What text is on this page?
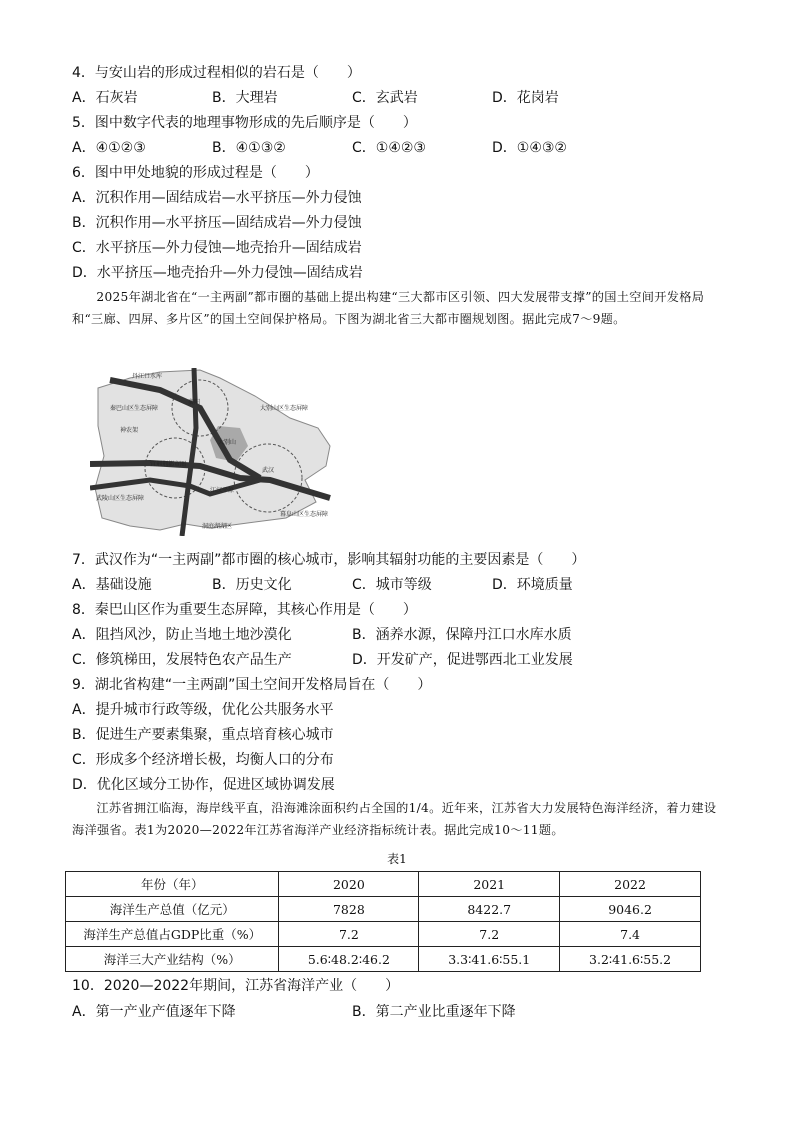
4．与安山岩的形成过程相似的岩石是（　　）
A．石灰岩	B．大理岩	C．玄武岩	D．花岗岩
5．图中数字代表的地理事物形成的先后顺序是（　　）
A．④①②③	B．④①③②	C．①④②③	D．①④③②
6．图中甲处地貌的形成过程是（　　）
A．沉积作用—固结成岩—水平挤压—外力侵蚀
B．沉积作用—水平挤压—固结成岩—外力侵蚀
C．水平挤压—外力侵蚀—地壳抬升—固结成岩
D．水平挤压—地壳抬升—外力侵蚀—固结成岩
2025年湖北省在“一主两副”都市圈的基础上提出构建“三大都市区引领、四大发展带支撑”的国土空间开发格局和“三廊、四屏、多片区”的国土空间保护格局。下图为湖北省三大都市圈规划图。据此完成7～9题。
丹江口水库
秦巴山区生态屏障	大别山区生态屏障
武陵山区生态屏障
幕阜山区生态屏障
江汉平原
洞庭湖湖区
襄阳
宜荆荆都市圈
武汉
大别山
神农架
7．武汉作为“一主两副”都市圈的核心城市，影响其辐射功能的主要因素是（　　）
A．基础设施	B．历史文化	C．城市等级	D．环境质量
8．秦巴山区作为重要生态屏障，其核心作用是（　　）
A．阻挡风沙，防止当地土地沙漠化	B．涵养水源，保障丹江口水库水质
C．修筑梯田，发展特色农产品生产	D．开发矿产，促进鄂西北工业发展
9．湖北省构建“一主两副”国土空间开发格局旨在（　　）
A．提升城市行政等级，优化公共服务水平
B．促进生产要素集聚，重点培育核心城市
C．形成多个经济增长极，均衡人口的分布
D．优化区域分工协作，促进区域协调发展
江苏省拥江临海，海岸线平直，沿海滩涂面积约占全国的1/4。近年来，江苏省大力发展特色海洋经济，着力建设海洋强省。表1为2020—2022年江苏省海洋产业经济指标统计表。据此完成10～11题。
表1
年份（年）	2020	2021	2022
海洋生产总值（亿元）	7828	8422.7	9046.2
海洋生产总值占GDP比重（%）	7.2	7.2	7.4
海洋三大产业结构（%）	5.6∶48.2∶46.2	3.3∶41.6∶55.1	3.2∶41.6∶55.2
10．2020—2022年期间，江苏省海洋产业（　　）
A．第一产业产值逐年下降	B．第二产业比重逐年下降
